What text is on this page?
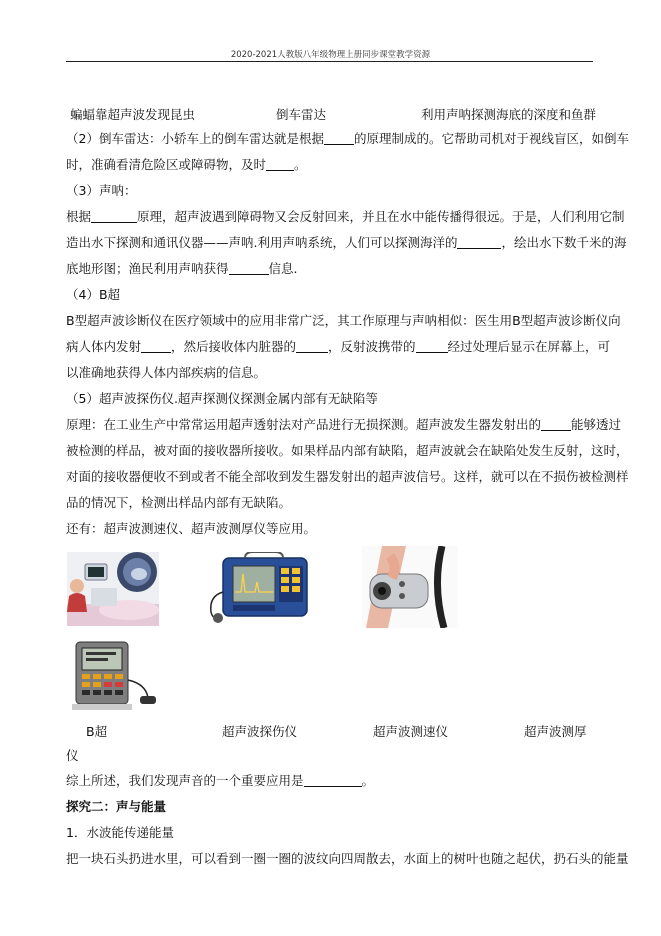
2020-2021人教版八年级物理上册同步课堂教学资源
蝙蝠靠超声波发现昆虫	倒车雷达	利用声呐探测海底的深度和鱼群
（2）倒车雷达：小轿车上的倒车雷达就是根据 的原理制成的。它帮助司机对于视线盲区，如倒车
时，准确看清危险区或障碍物，及时 。
（3）声呐：
根据	原理，超声波遇到障碍物又会反射回来，并且在水中能传播得很远。于是，人们利用它制
造出水下探测和通讯仪器——声呐.利用声呐系统，人们可以探测海洋的	，绘出水下数千米的海
底地形图；渔民利用声呐获得	信息.
（4）B超
B型超声波诊断仪在医疗领域中的应用非常广泛，其工作原理与声呐相似：医生用B型超声波诊断仪向
病人体内发射 ，然后接收体内脏器的	，反射波携带的	经过处理后显示在屏幕上，可
以准确地获得人体内部疾病的信息。
（5）超声波探伤仪.超声探测仪探测金属内部有无缺陷等
原理：在工业生产中常常运用超声透射法对产品进行无损探测。超声波发生器发射出的 能够透过
被检测的样品，被对面的接收器所接收。如果样品内部有缺陷，超声波就会在缺陷处发生反射，这时，
对面的接收器便收不到或者不能全部收到发生器发射出的超声波信号。这样，就可以在不损伤被检测样
品的情况下，检测出样品内部有无缺陷。
还有：超声波测速仪、超声波测厚仪等应用。
B超	超声波探伤仪	超声波测速仪	超声波测厚
仪
综上所述，我们发现声音的一个重要应用是	。
探究二：声与能量
1．水波能传递能量
把一块石头扔进水里，可以看到一圈一圈的波纹向四周散去，水面上的树叶也随之起伏，扔石头的能量
